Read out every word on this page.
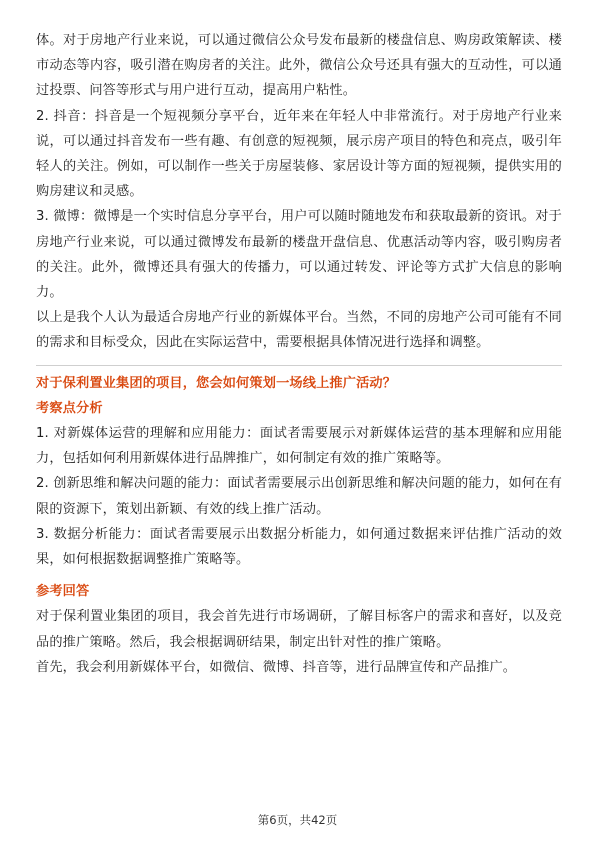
体。对于房地产行业来说，可以通过微信公众号发布最新的楼盘信息、购房政策解读、楼市动态等内容，吸引潜在购房者的关注。此外，微信公众号还具有强大的互动性，可以通过投票、问答等形式与用户进行互动，提高用户粘性。

2. 抖音：抖音是一个短视频分享平台，近年来在年轻人中非常流行。对于房地产行业来说，可以通过抖音发布一些有趣、有创意的短视频，展示房产项目的特色和亮点，吸引年轻人的关注。例如，可以制作一些关于房屋装修、家居设计等方面的短视频，提供实用的购房建议和灵感。

3. 微博：微博是一个实时信息分享平台，用户可以随时随地发布和获取最新的资讯。对于房地产行业来说，可以通过微博发布最新的楼盘开盘信息、优惠活动等内容，吸引购房者的关注。此外，微博还具有强大的传播力，可以通过转发、评论等方式扩大信息的影响力。

以上是我个人认为最适合房地产行业的新媒体平台。当然，不同的房地产公司可能有不同的需求和目标受众，因此在实际运营中，需要根据具体情况进行选择和调整。

对于保利置业集团的项目，您会如何策划一场线上推广活动？

考察点分析

1. 对新媒体运营的理解和应用能力：面试者需要展示对新媒体运营的基本理解和应用能力，包括如何利用新媒体进行品牌推广，如何制定有效的推广策略等。

2. 创新思维和解决问题的能力：面试者需要展示出创新思维和解决问题的能力，如何在有限的资源下，策划出新颖、有效的线上推广活动。

3. 数据分析能力：面试者需要展示出数据分析能力，如何通过数据来评估推广活动的效果，如何根据数据调整推广策略等。

参考回答

对于保利置业集团的项目，我会首先进行市场调研，了解目标客户的需求和喜好，以及竞品的推广策略。然后，我会根据调研结果，制定出针对性的推广策略。

首先，我会利用新媒体平台，如微信、微博、抖音等，进行品牌宣传和产品推广。

第6页，共42页
